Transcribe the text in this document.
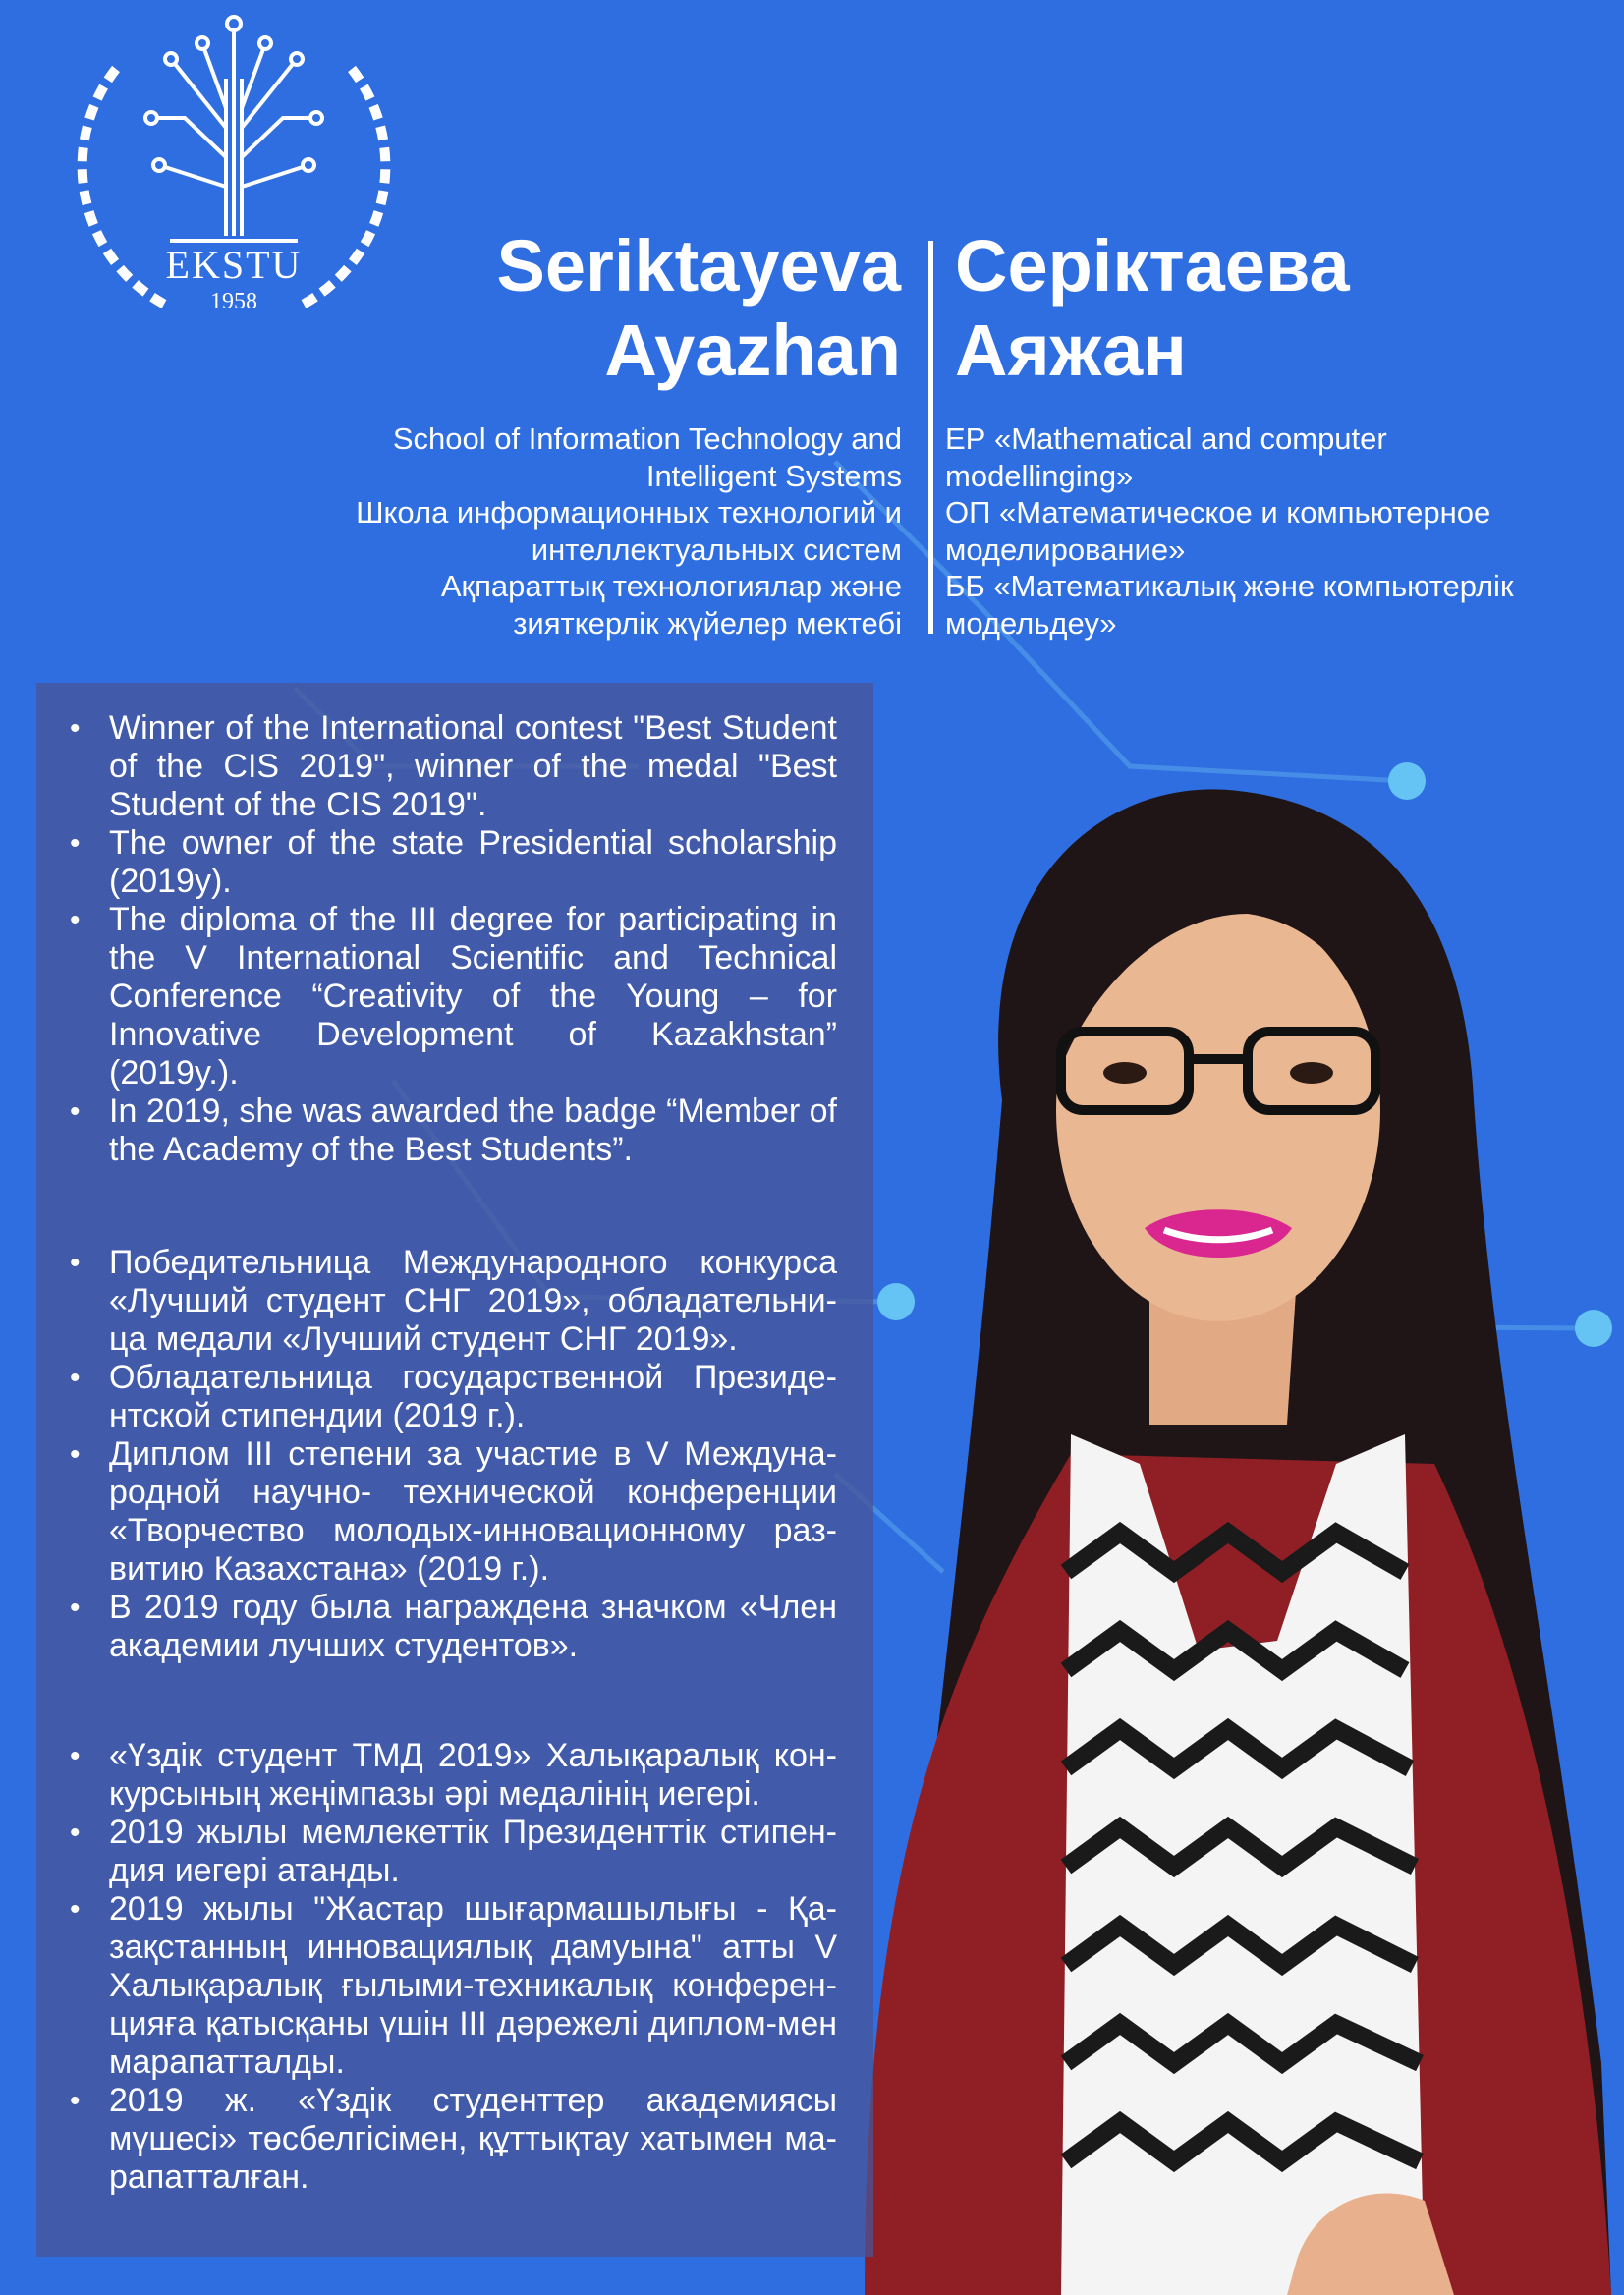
EKSTU
1958	Seriktayeva
Ayazhan
Серіктаева
Аяжан
School of Information Technology and
Intelligent Systems
Школа информационных технологий и
интеллектуальных систем
Ақпараттық технологиялар және
зияткерлік жүйелер мектебі
ЕР «Mathematical and computer
modellinging»
ОП «Математическое и компьютерное
моделирование»
ББ «Математикалық және компьютерлік
модельдеу»
• Winner of the International contest "Best Student of the CIS 2019", winner of the medal "Best Student of the CIS 2019".
• The owner of the state Presidential scholarship (2019y).
• The diploma of the III degree for participating in the V International Scientific and Technical Conference “Creativity of the Young – for Innovative Development of Kazakhstan” (2019y.).
• In 2019, she was awarded the badge “Member of the Academy of the Best Students”.
• Победительница Международного конкурса «Лучший студент СНГ 2019», обладательни-ца медали «Лучший студент СНГ 2019».
• Обладательница государственной Президе-нтской стипендии (2019 г.).
• Диплом III степени за участие в V Междуна-родной научно- технической конференции «Творчество молодых-инновационному раз-витию Казахстана» (2019 г.).
• В 2019 году была награждена значком «Член академии лучших студентов».
• «Үздік студент ТМД 2019» Халықаралық кон-курсының жеңімпазы әрі медалінің иегері.
• 2019 жылы мемлекеттік Президенттік стипен-дия иегері атанды.
• 2019 жылы "Жастар шығармашылығы - Қа-зақстанның инновациялық дамуына" атты V Халықаралық ғылыми-техникалық конферен-цияға қатысқаны үшін III дәрежелі диплом-мен марапатталды.
• 2019 ж. «Үздік студенттер академиясы мүшесі» төсбелгісімен, құттықтау хатымен ма-рапатталған.
